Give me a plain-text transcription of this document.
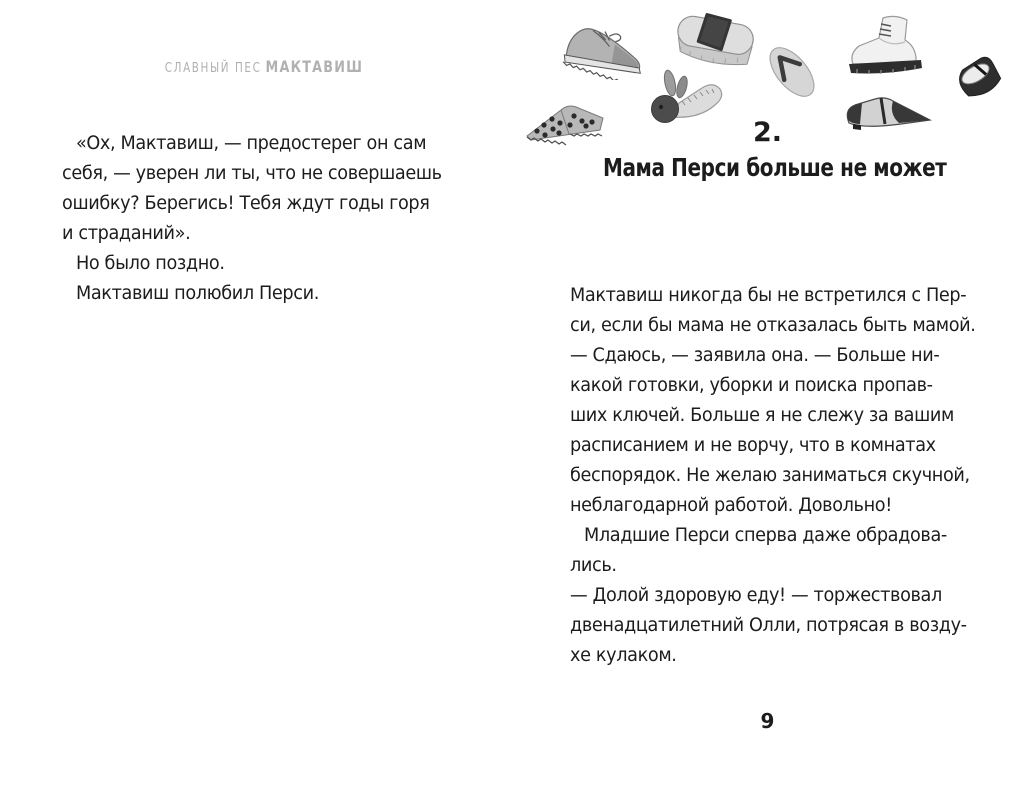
СЛАВНЫЙ ПЕС МАКТАВИШ
«Ох, Мактавиш, — предостерег он сам
себя, — уверен ли ты, что не совершаешь
ошибку? Берегись! Тебя ждут годы горя
и страданий».
Но было поздно.
Мактавиш полюбил Перси.
2.
Мама Перси больше не может
Мактавиш никогда бы не встретился с Пер-
си, если бы мама не отказалась быть мамой.
— Сдаюсь, — заявила она. — Больше ни-
какой готовки, уборки и поиска пропав-
ших ключей. Больше я не слежу за вашим
расписанием и не ворчу, что в комнатах
беспорядок. Не желаю заниматься скучной,
неблагодарной работой. Довольно!
Младшие Перси сперва даже обрадова-
лись.
— Долой здоровую еду! — торжествовал
двенадцатилетний Олли, потрясая в возду-
хе кулаком.
9
